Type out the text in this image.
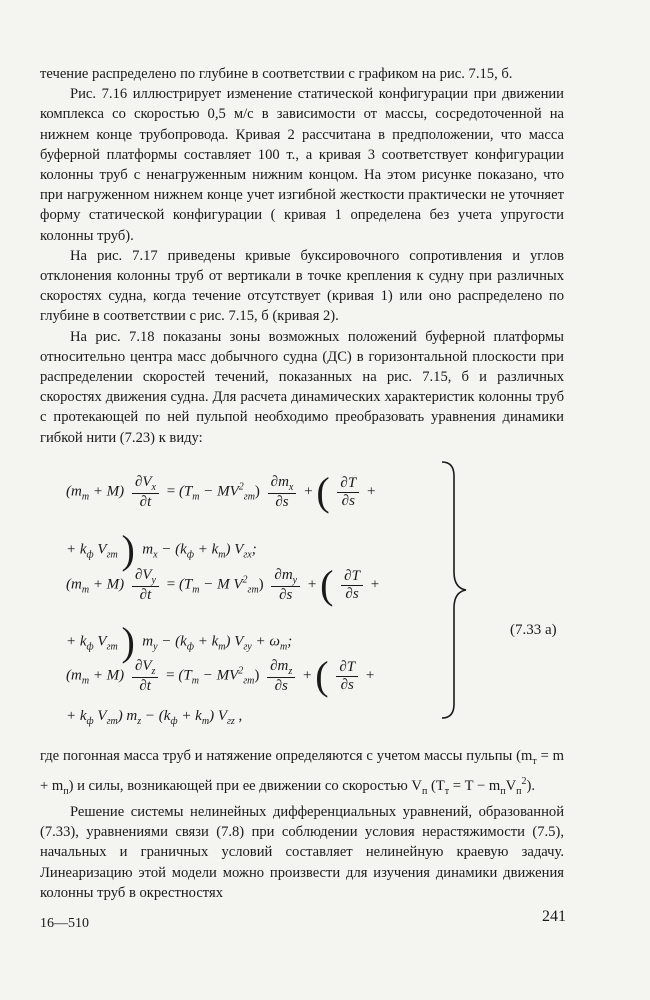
течение распределено по глубине в соответствии с графиком на рис. 7.15, б.

Рис. 7.16 иллюстрирует изменение статической конфигурации при движении комплекса со скоростью 0,5 м/с в зависимости от массы, сосредоточенной на нижнем конце трубопровода. Кривая 2 рассчитана в предположении, что масса буферной платформы составляет 100 т., а кривая 3 соответствует конфигурации колонны труб с ненагруженным нижним концом. На этом рисунке показано, что при нагруженном нижнем конце учет изгибной жесткости практически не уточняет форму статической конфигурации ( кривая 1 определена без учета упругости колонны труб).

На рис. 7.17 приведены кривые буксировочного сопротивления и углов отклонения колонны труб от вертикали в точке крепления к судну при различных скоростях судна, когда течение отсутствует (кривая 1) или оно распределено по глубине в соответствии с рис. 7.15, б (кривая 2).

На рис. 7.18 показаны зоны возможных положений буферной платформы относительно центра масс добычного судна (ДС) в горизонтальной плоскости при распределении скоростей течений, показанных на рис. 7.15, б и различных скоростях движения судна. Для расчета динамических характеристик колонны труб с протекающей по ней пульпой необходимо преобразовать уравнения динамики гибкой нити (7.23) к виду:

$(m_т + M) \frac{\partial V_x}{\partial t} = (T_т - MV^2_{гm}) \frac{\partial m_x}{\partial s}$ + ( $\frac{\partial T}{\partial s}$ +
+ $k_ф$ $V_{гm}$ ) $m_x - (k_ф + k_т)$ $V_{гx}$;
$(m_т + M) \frac{\partial V_y}{\partial t} = (T_т - M$ $V^2_{гm}) \frac{\partial m_y}{\partial s}$ + ( $\frac{\partial T}{\partial s}$ +
+ $k_ф$ $V_{гm}$ ) $m_y - (k_ф + k_т) V_{гy} + \omega_т$;
$(m_т + M) \frac{\partial V_z}{\partial t} = (T_т - MV^2_{гm}) \frac{\partial m_z}{\partial s}$ + ( $\frac{\partial T}{\partial s}$ +
+ $k_ф$ $V_{гm}$) $m_z - (k_ф + k_т)$ $V_{гz}$ ,
(7.33 а)

где погонная масса труб и натяжение определяются с учетом массы пульпы $(m_т = m + m_п)$ и силы, возникающей при ее движении со скоростью $V_п$ $(T_т = T - m_пV_п^2)$.

Решение системы нелинейных дифференциальных уравнений, образованной (7.33), уравнениями связи (7.8) при соблюдении условия нерастяжимости (7.5), начальных и граничных условий составляет нелинейную краевую задачу. Линеаризацию этой модели можно произвести для изучения динамики движения колонны труб в окрестностях

16—510	241
